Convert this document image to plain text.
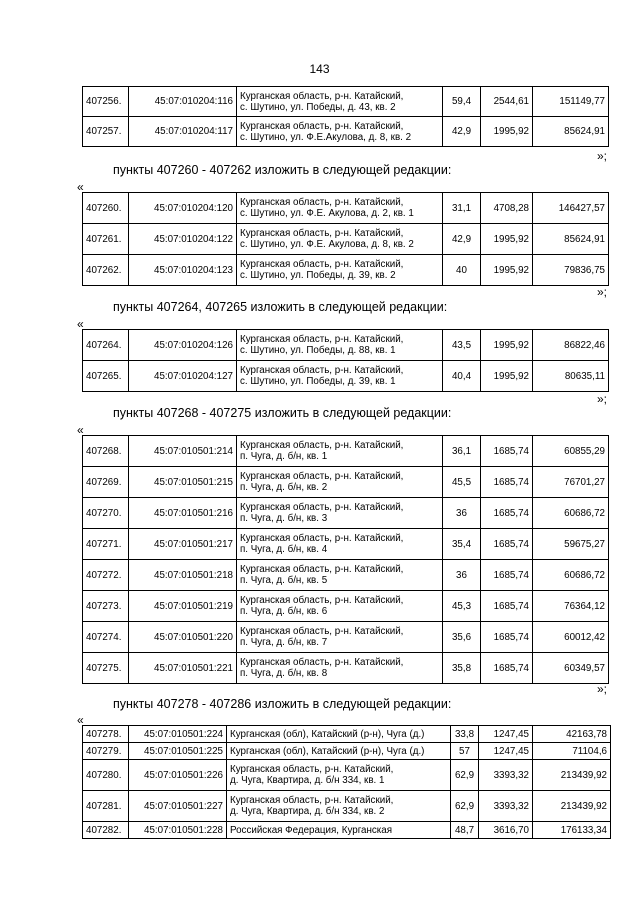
143
407256.	45:07:010204:116	Курганская область, р-н. Катайский,
с. Шутино, ул. Победы, д. 43, кв. 2	59,4	2544,61	151149,77
407257.	45:07:010204:117	Курганская область, р-н. Катайский,
с. Шутино, ул. Ф.Е.Акулова, д. 8, кв. 2	42,9	1995,92	85624,91
»;
пункты 407260 - 407262 изложить в следующей редакции:
«
407260.	45:07:010204:120	Курганская область, р-н. Катайский,
с. Шутино, ул. Ф.Е. Акулова, д. 2, кв. 1	31,1	4708,28	146427,57
407261.	45:07:010204:122	Курганская область, р-н. Катайский,
с. Шутино, ул. Ф.Е. Акулова, д. 8, кв. 2	42,9	1995,92	85624,91
407262.	45:07:010204:123	Курганская область, р-н. Катайский,
с. Шутино, ул. Победы, д. 39, кв. 2	40	1995,92	79836,75
»;
пункты 407264, 407265 изложить в следующей редакции:
«
407264.	45:07:010204:126	Курганская область, р-н. Катайский,
с. Шутино, ул. Победы, д. 88, кв. 1	43,5	1995,92	86822,46
407265.	45:07:010204:127	Курганская область, р-н. Катайский,
с. Шутино, ул. Победы, д. 39, кв. 1	40,4	1995,92	80635,11
»;
пункты 407268 - 407275 изложить в следующей редакции:
«
407268.	45:07:010501:214	Курганская область, р-н. Катайский,
п. Чуга, д. б/н, кв. 1	36,1	1685,74	60855,29
407269.	45:07:010501:215	Курганская область, р-н. Катайский,
п. Чуга, д. б/н, кв. 2	45,5	1685,74	76701,27
407270.	45:07:010501:216	Курганская область, р-н. Катайский,
п. Чуга, д. б/н, кв. 3	36	1685,74	60686,72
407271.	45:07:010501:217	Курганская область, р-н. Катайский,
п. Чуга, д. б/н, кв. 4	35,4	1685,74	59675,27
407272.	45:07:010501:218	Курганская область, р-н. Катайский,
п. Чуга, д. б/н, кв. 5	36	1685,74	60686,72
407273.	45:07:010501:219	Курганская область, р-н. Катайский,
п. Чуга, д. б/н, кв. 6	45,3	1685,74	76364,12
407274.	45:07:010501:220	Курганская область, р-н. Катайский,
п. Чуга, д. б/н, кв. 7	35,6	1685,74	60012,42
407275.	45:07:010501:221	Курганская область, р-н. Катайский,
п. Чуга, д. б/н, кв. 8	35,8	1685,74	60349,57
»;
пункты 407278 - 407286 изложить в следующей редакции:
«
407278.	45:07:010501:224	Курганская (обл), Катайский (р-н), Чуга (д.)	33,8	1247,45	42163,78
407279.	45:07:010501:225	Курганская (обл), Катайский (р-н), Чуга (д.)	57	1247,45	71104,6
407280.	45:07:010501:226	Курганская область, р-н. Катайский,
д. Чуга, Квартира, д. б/н 334, кв. 1	62,9	3393,32	213439,92
407281.	45:07:010501:227	Курганская область, р-н. Катайский,
д. Чуга, Квартира, д. б/н 334, кв. 2	62,9	3393,32	213439,92
407282.	45:07:010501:228	Российская Федерация, Курганская	48,7	3616,70	176133,34
